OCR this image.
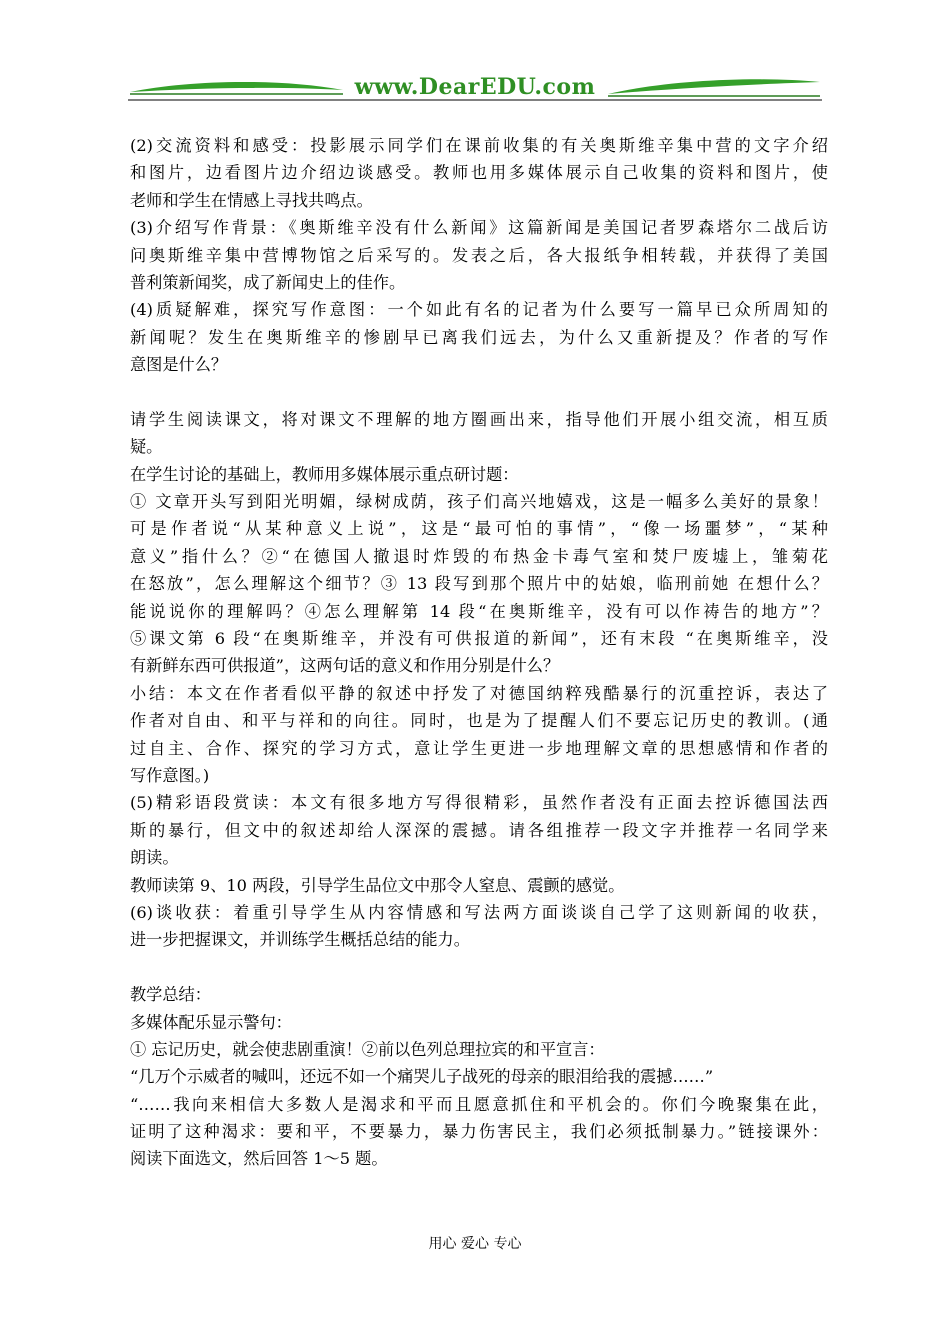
www.DearEDU.com
(2)交流资料和感受：投影展示同学们在课前收集的有关奥斯维辛集中营的文字介绍
和图片，边看图片边介绍边谈感受。教师也用多媒体展示自己收集的资料和图片，使
老师和学生在情感上寻找共鸣点。
(3)介绍写作背景：《奥斯维辛没有什么新闻》这篇新闻是美国记者罗森塔尔二战后访
问奥斯维辛集中营博物馆之后采写的。发表之后，各大报纸争相转载，并获得了美国
普利策新闻奖，成了新闻史上的佳作。
(4)质疑解难，探究写作意图：一个如此有名的记者为什么要写一篇早已众所周知的
新闻呢？发生在奥斯维辛的惨剧早已离我们远去，为什么又重新提及？作者的写作
意图是什么？
请学生阅读课文，将对课文不理解的地方圈画出来，指导他们开展小组交流，相互质
疑。
在学生讨论的基础上，教师用多媒体展示重点研讨题：
① 文章开头写到阳光明媚，绿树成荫，孩子们高兴地嬉戏，这是一幅多么美好的景象！
可是作者说“从某种意义上说”，这是“最可怕的事情”，“像一场噩梦”，“某种
意义”指什么？②“在德国人撤退时炸毁的布热金卡毒气室和焚尸废墟上，雏菊花
在怒放”，怎么理解这个细节？③ 13 段写到那个照片中的姑娘，临刑前她 在想什么？
能说说你的理解吗？④怎么理解第 14 段“在奥斯维辛，没有可以作祷告的地方”？
⑤课文第 6 段“在奥斯维辛，并没有可供报道的新闻”，还有末段 “在奥斯维辛，没
有新鲜东西可供报道”，这两句话的意义和作用分别是什么？
小结：本文在作者看似平静的叙述中抒发了对德国纳粹残酷暴行的沉重控诉，表达了
作者对自由、和平与祥和的向往。同时，也是为了提醒人们不要忘记历史的教训。(通
过自主、合作、探究的学习方式，意让学生更进一步地理解文章的思想感情和作者的
写作意图。)
(5)精彩语段赏读：本文有很多地方写得很精彩，虽然作者没有正面去控诉德国法西
斯的暴行，但文中的叙述却给人深深的震撼。请各组推荐一段文字并推荐一名同学来
朗读。
教师读第 9、10 两段，引导学生品位文中那令人窒息、震颤的感觉。
(6)谈收获：着重引导学生从内容情感和写法两方面谈谈自己学了这则新闻的收获，
进一步把握课文，并训练学生概括总结的能力。
教学总结：
多媒体配乐显示警句：
① 忘记历史，就会使悲剧重演！②前以色列总理拉宾的和平宣言：
“几万个示威者的喊叫，还远不如一个痛哭儿子战死的母亲的眼泪给我的震撼……”
“……我向来相信大多数人是渴求和平而且愿意抓住和平机会的。你们今晚聚集在此，
证明了这种渴求：要和平，不要暴力，暴力伤害民主，我们必须抵制暴力。”链接课外：
阅读下面选文，然后回答 1～5 题。
用心 爱心 专心
